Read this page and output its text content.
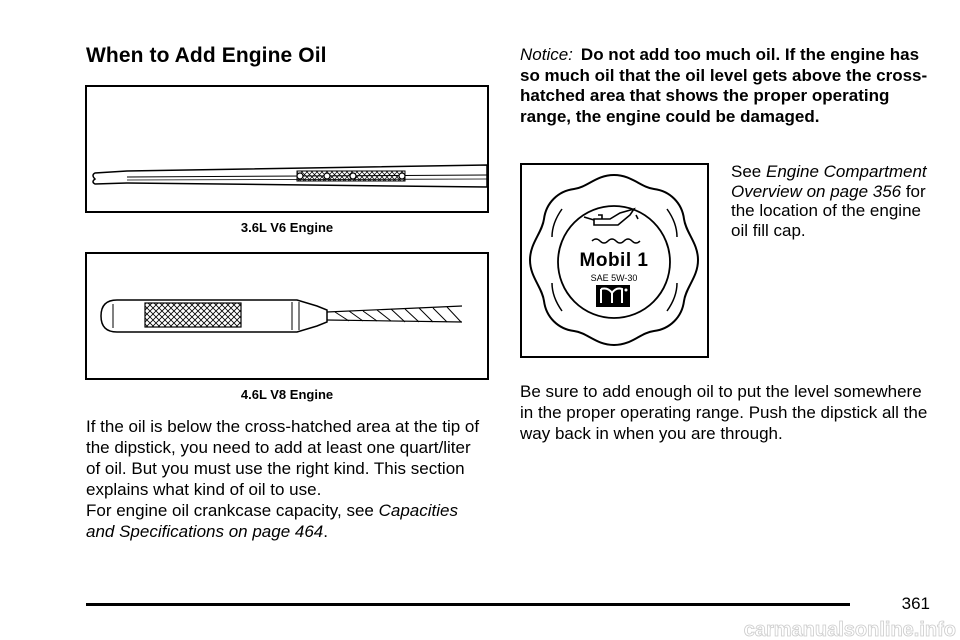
When to Add Engine Oil
3.6L V6 Engine
4.6L V8 Engine

If the oil is below the cross-hatched area at the tip of the dipstick, you need to add at least one quart/liter of oil. But you must use the right kind. This section explains what kind of oil to use.

For engine oil crankcase capacity, see Capacities and Specifications on page 464.

Notice: Do not add too much oil. If the engine has so much oil that the oil level gets above the cross-hatched area that shows the proper operating range, the engine could be damaged.
Mobil 1
SAE 5W-30
See Engine Compartment Overview on page 356 for the location of the engine oil fill cap.

Be sure to add enough oil to put the level somewhere in the proper operating range. Push the dipstick all the way back in when you are through.

361
carmanualsonline.info
